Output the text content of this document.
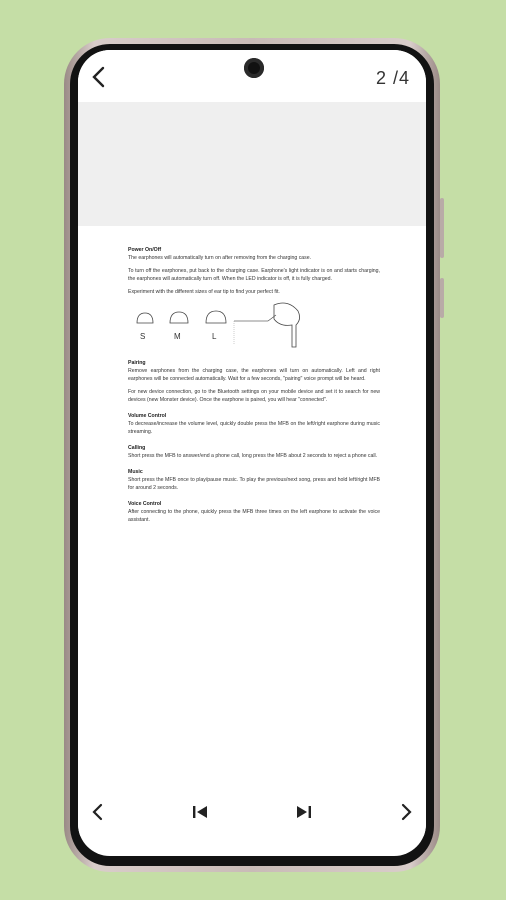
2 /4
Power On/Off

The earphones will automatically turn on after removing from the charging case.

To turn off the earphones, put back to the charging case. Earphone's light indicator is on and starts charging, the earphones will automatically turn off. When the LED indicator is off, it is fully charged.

Experiment with the different sizes of ear tip to find your perfect fit.

S	M	L
Pairing

Remove earphones from the charging case, the earphones will turn on automatically. Left and right earphones will be connected automatically. Wait for a few seconds, "pairing" voice prompt will be heard.

For new device connection, go to the Bluetooth settings on your mobile device and set it to search for new devices (new Monster device). Once the earphone is paired, you will hear "connected".

Volume Control

To decrease/increase the volume level, quickly double press the MFB on the left/right earphone during music streaming.

Calling

Short press the MFB to answer/end a phone call, long press the MFB about 2 seconds to reject a phone call.

Music

Short press the MFB once to play/pause music. To play the previous/next song, press and hold left/right MFB for around 2 seconds.

Voice Control

After connecting to the phone, quickly press the MFB three times on the left earphone to activate the voice assistant.
